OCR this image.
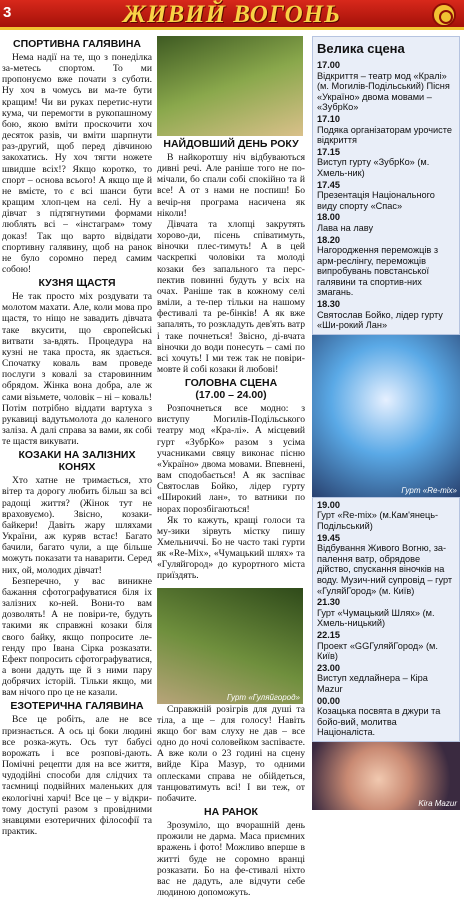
3	ЖИВИЙ ВОГОНЬ
СПОРТИВНА ГАЛЯВИНА

Нема надії на те, що з понеділка за-метесь спортом. То ми пропонуємо вже почати з суботи. Ну хоч в чомусь ви ма-те бути кращим! Чи ви руках перетис-нути кума, чи перемогти в рукопашному бою, якою вміти проскочити хоч десяток разів, чи вміти шарпнути раз-другий, щоб перед дівчиною закохатись. Ну хоч тягти ножете швидше всіх!? Якщо коротко, то спорт – основа всього! А якщо ще й не вмієте, то є всі шанси бути кращим хлоп-цем на селі. Ну а дівчат з підтягнутими формами люблять всі – «інстаграм» тому доказ! Так що варто відвідати спортивну галявину, щоб на ранок не було соромно перед самим собою!

КУЗНЯ ЩАСТЯ

Не так просто міх роздувати та молотом махати. Але, коли мова про щастя, то ніщо не завадить дівчата таке вкусити, що європейські витвати за-вдять. Процедура на кузні не така проста, як здається. Спочатку коваль вам проведе послуги з ковалі за старовинним обрядом. Жінка вона добра, але ж сами візьмете, чоловік – ні – коваль! Потім потрібно віддати вартуха з рукавиці вадутьмолота до каленого заліза. А далі справа за вами, як собі те щастя викувати.

КОЗАКИ НА ЗАЛІЗНИХ КОНЯХ

Хто хатне не тримається, хто вітер та дорогу любить більш за всі радощі життя? (Жінок тут не враховуємо). Звісно, козаки-байкери! Давіть жару шляхами України, аж куряв встає! Багато бачили, багато чули, а ще більше можуть показати та наварити. Серед них, ой, молодих дівчат!

Безперечно, у вас виникне бажання сфотографуватися біля іх залізних ко-ней. Вони-то вам дозволять! А не повіри-те, будуть такими як справжні козаки біля свого байку, якщо попросите ле-генду про Івана Сірка розказати. Ефект попросить сфотографуватися, а вони дадуть ще й з ними пару добрячих історій. Тільки якщо, ми вам нічого про це не казали.

ЕЗОТЕРИЧНА ГАЛЯВИНА

Все це робіть, але не все признається. А ось ці боки людині все розка-жуть. Ось тут бабусі ворожать і все розпові-дають. Помічні рецепти для на все життя, чудодійні способи для слідчих та таємниці подвійних маленьких для екологічні харчі! Все це – у відкри-тому доступі разом з провідними знавцями езотеричних філософії та практик.

НАЙДОВШИЙ ДЕНЬ РОКУ

В найкоротшу ніч відбуваються дивні речі. Але раніше того не по-мічали, бо спали собі спокійно та й все! А от з нами не поспиш! Бо вечір-ня програма насичена як ніколи!

Дівчата та хлопці закрутять хорово-ди, пісень співатимуть, віночки плес-тимуть! А в цей часкрепкі чоловіки та молоді козаки без запального та перс-пектив повинні будуть у всіх на очах. Раніше так в кожному селі вміли, а те-пер тільки на нашому фестивалі та ре-бінків! А як вже запалять, то розкладуть дев'ять ватр і таке почнеться! Звісно, ді-вчата віночки до води понесуть – самі по всі хочуть! І ми теж так не повіри-мовте й собі козаки й любові!

ГОЛОВНА СЦЕНА
(17.00 – 24.00)

Розпочнеться все модно: з виступу Могилів-Подільського театру мод «Кра-лі». А місцевий гурт «ЗубрКо» разом з усіма учасниками свяцу виконає пісню «Україно» двома мовами. Впевнені, вам сподобається! А як заспіває Святослав Бойко, лідер гурту «Широкий лан», то ватники по норах порозбігаються!

Як то кажуть, кращі голоси та му-зики зірвуть містку пишу Хмельниччі. Бо не часто такі гурти як «Re-Mix», «Чумацький шлях» та «Гуляйгород» до курортного міста приїздять.

Гурт «Гуляйгород»

Справжній розігрів для душі та тіла, а ще – для голосу! Навіть якщо бог вам слуху не дав – все одно до ночі соловейком заспіваєте. А вже коли о 23 годині на сцену вийде Кіра Мазур, то одними оплесками справа не обійдеться, танцюватимуть всі! І ви теж, от побачите.

НА РАНОК

Зрозуміло, що вчорашній день прожили не дарма. Маса приємних вражень і фото! Можливо вперше в житті буде не соромно вранці розказати. Бо на фе-стивалі ніхто вас не дадуть, але відчути себе людиною допоможуть.

Велика сцена
17.00
Відкриття – театр мод «Кралі» (м. Могилів-Подільський) Пісня «Україно» двома мовами – «ЗубрКо»
17.10
Подяка організаторам урочисте відкриття
17.15
Виступ гурту «ЗубрКо» (м. Хмель-ник)
17.45
Презентація Національного виду спорту «Спас»
18.00
Лава на лаву
18.20
Нагородження переможців з арм-реслінгу, переможців випробувань повстанської галявини та спортив-них змагань.
18.30
Святослав Бойко, лідер гурту «Ши-рокий Лан»
Гурт «Re-mix»
19.00
Гурт «Re-mix» (м.Кам'янець-Подільський)
19.45
Відбування Живого Вогню, за-палення ватр, обрядове дійство, спускання віночків на воду. Музич-ний супровід – гурт «ГуляйГород» (м. Київ)
21.30
Гурт «Чумацький Шлях» (м. Хмель-ницький)
22.15
Проект «GGГуляйГород» (м. Київ)
23.00
Виступ хедлайнера – Кіра Mazur
00.00
Козацька посвята в джури та бойо-вий, молитва Націоналіста.
Kira Mazur
